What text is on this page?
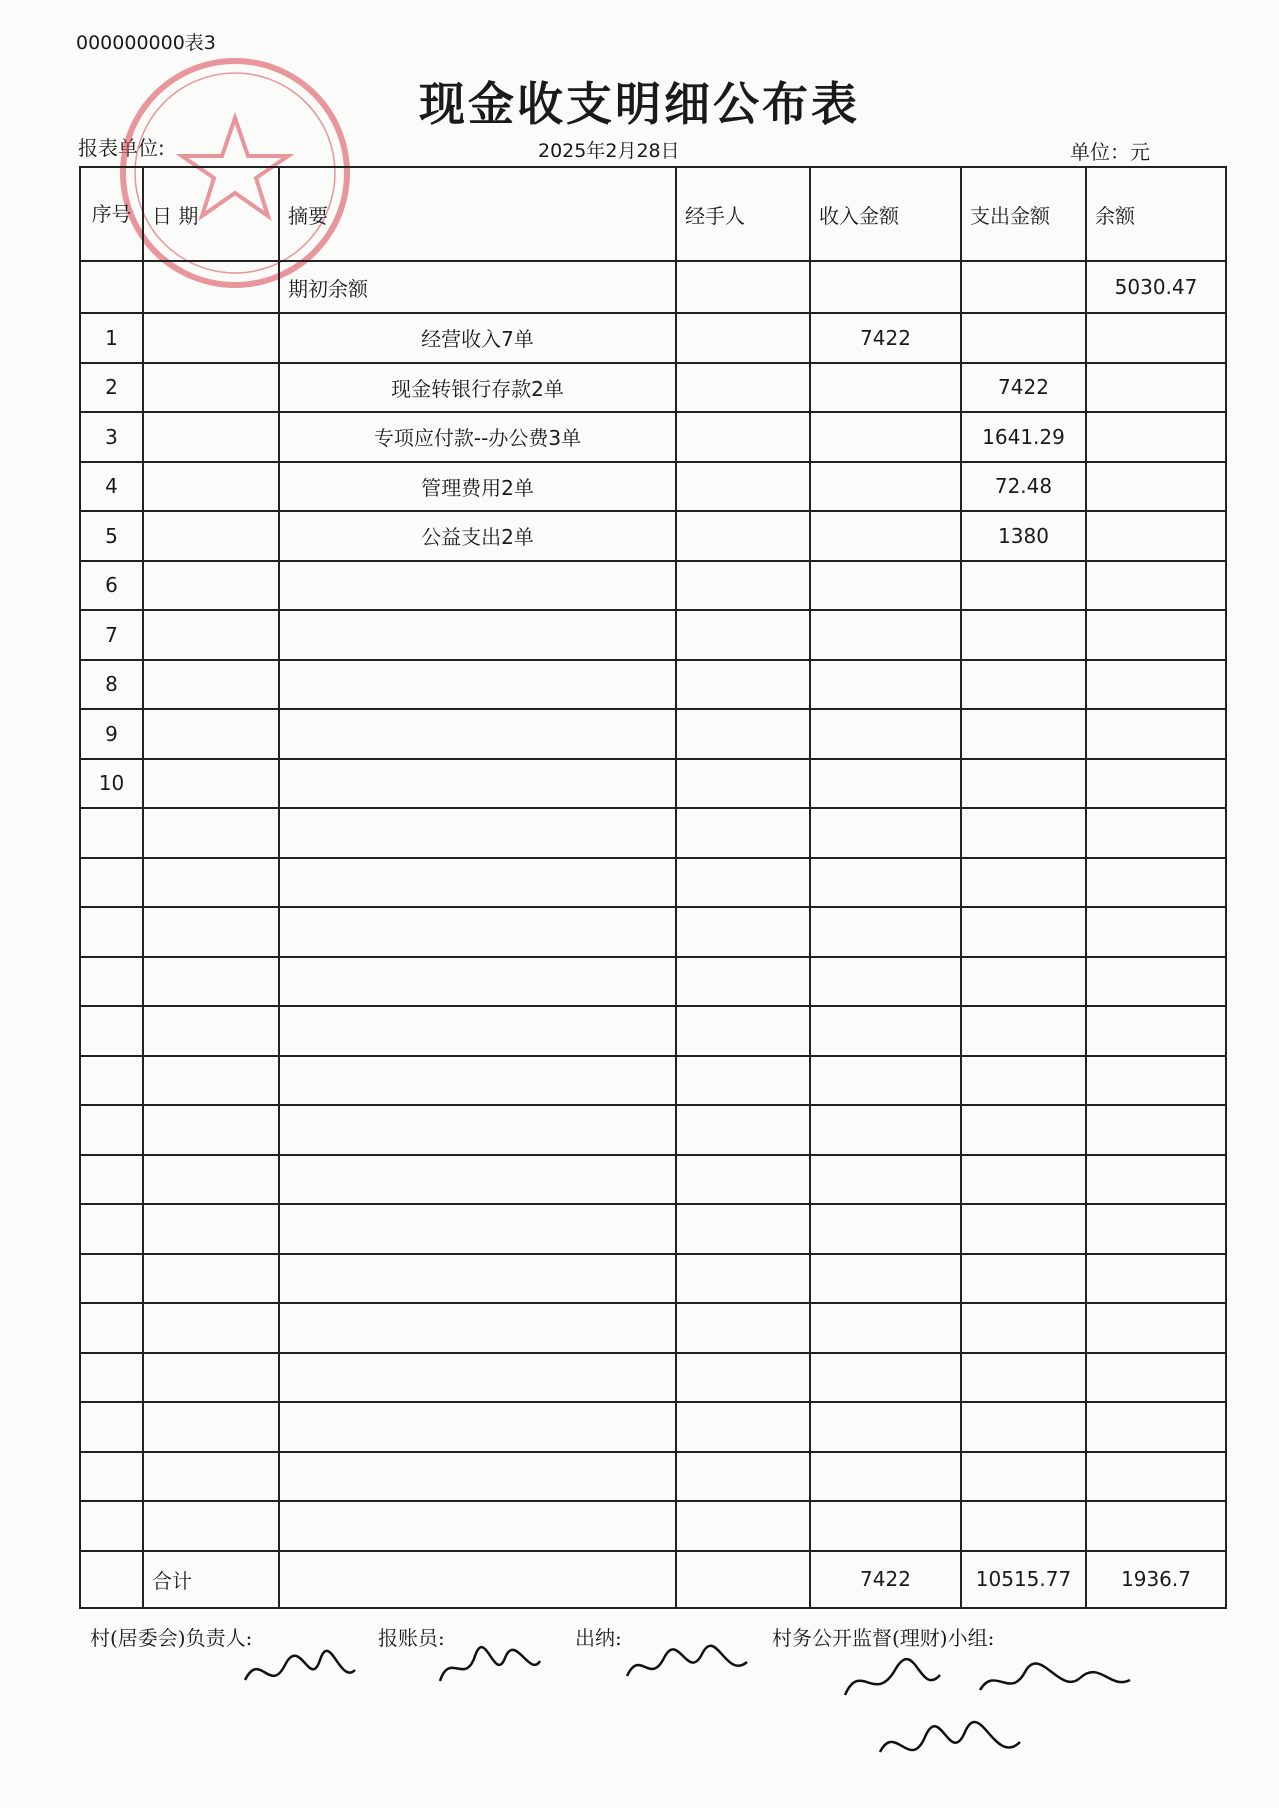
000000000表3
现金收支明细公布表
报表单位:	2025年2月28日	单位：元
序号	日 期	摘要	经手人	收入金额	支出金额	余额
		期初余额				5030.47
1		经营收入7单		7422		
2		现金转银行存款2单			7422	
3		专项应付款--办公费3单			1641.29	
4		管理费用2单			72.48	
5		公益支出2单			1380	
6						
7						
8						
9						
10						

	合计			7422	10515.77	1936.7
村(居委会)负责人:	报账员:	出纳:	村务公开监督(理财)小组:
